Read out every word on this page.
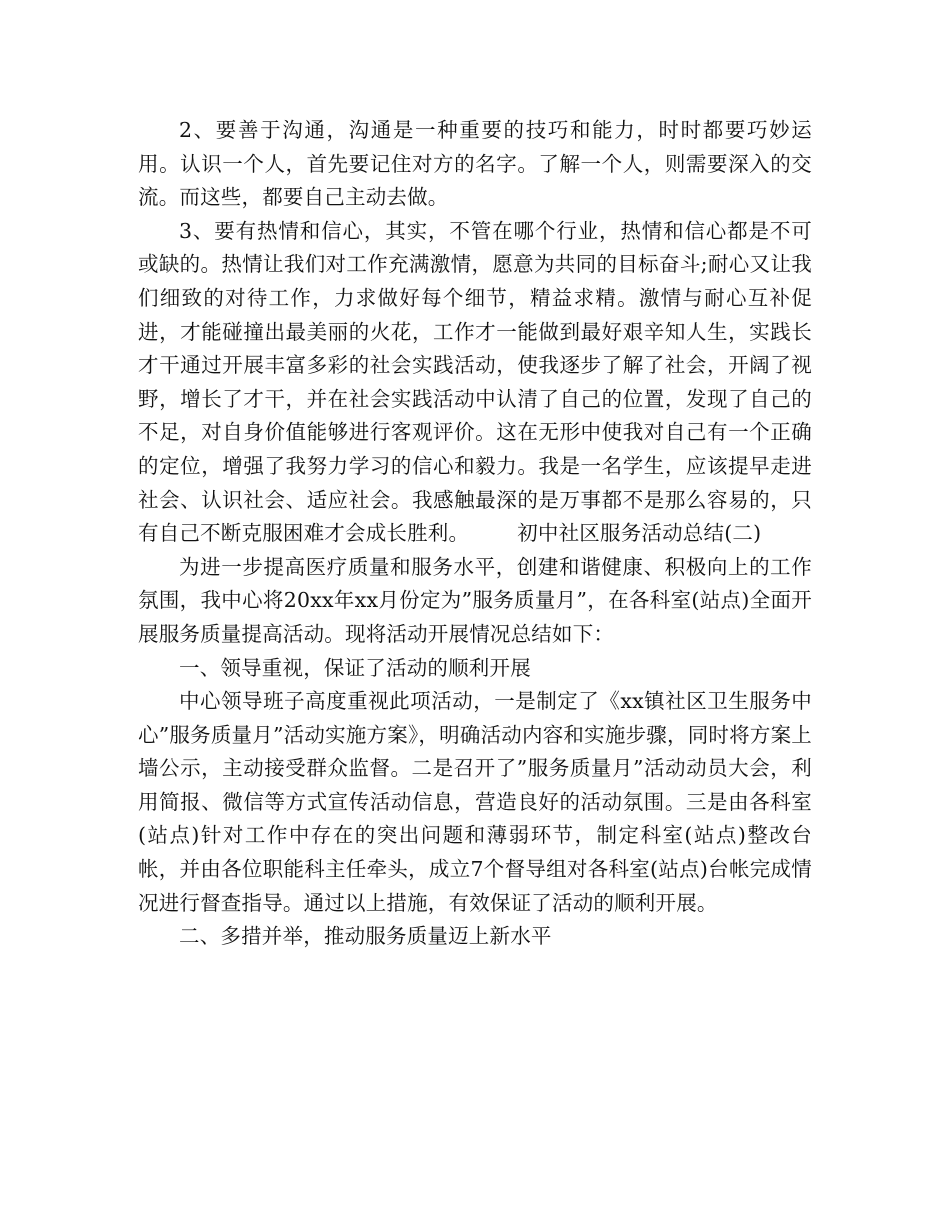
2、要善于沟通，沟通是一种重要的技巧和能力，时时都要巧妙运用。认识一个人，首先要记住对方的名字。了解一个人，则需要深入的交流。而这些，都要自己主动去做。

3、要有热情和信心，其实，不管在哪个行业，热情和信心都是不可或缺的。热情让我们对工作充满激情，愿意为共同的目标奋斗;耐心又让我们细致的对待工作，力求做好每个细节，精益求精。激情与耐心互补促进，才能碰撞出最美丽的火花，工作才一能做到最好艰辛知人生，实践长才干通过开展丰富多彩的社会实践活动，使我逐步了解了社会，开阔了视野，增长了才干，并在社会实践活动中认清了自己的位置，发现了自己的不足，对自身价值能够进行客观评价。这在无形中使我对自己有一个正确的定位，增强了我努力学习的信心和毅力。我是一名学生，应该提早走进社会、认识社会、适应社会。我感触最深的是万事都不是那么容易的，只有自己不断克服困难才会成长胜利。 初中社区服务活动总结(二)

为进一步提高医疗质量和服务水平，创建和谐健康、积极向上的工作氛围，我中心将20xx年xx月份定为”服务质量月”，在各科室(站点)全面开展服务质量提高活动。现将活动开展情况总结如下：

一、领导重视，保证了活动的顺利开展

中心领导班子高度重视此项活动，一是制定了《xx镇社区卫生服务中心”服务质量月”活动实施方案》，明确活动内容和实施步骤，同时将方案上墙公示，主动接受群众监督。二是召开了”服务质量月”活动动员大会，利用简报、微信等方式宣传活动信息，营造良好的活动氛围。三是由各科室(站点)针对工作中存在的突出问题和薄弱环节，制定科室(站点)整改台帐，并由各位职能科主任牵头，成立7个督导组对各科室(站点)台帐完成情况进行督查指导。通过以上措施，有效保证了活动的顺利开展。

二、多措并举，推动服务质量迈上新水平
